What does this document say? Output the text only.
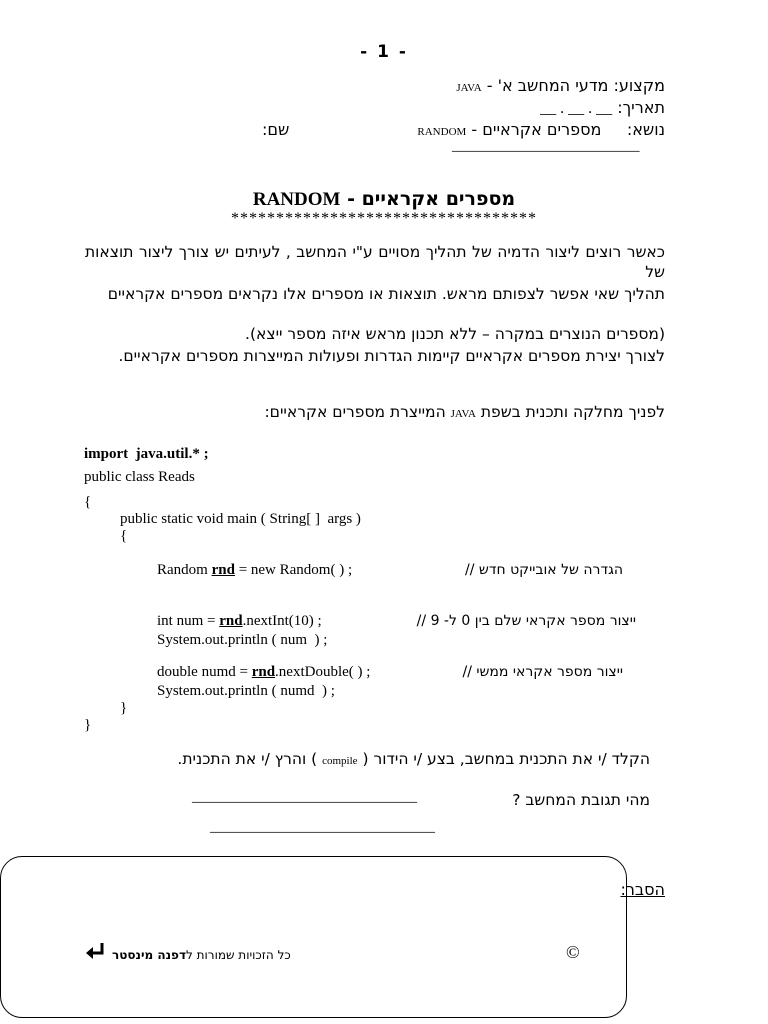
- 1 -
מקצוע: מדעי המחשב א' - JAVA
תאריך: __ . __ . __
נושא:     מספרים אקראיים - RANDOM
שם:
_________________________
מספרים אקראיים - RANDOM
**********************************
כאשר רוצים ליצור הדמיה של תהליך מסויים ע"י המחשב , לעיתים יש צורך ליצור תוצאות של
תהליך שאי אפשר לצפותם מראש. תוצאות או מספרים אלו נקראים מספרים אקראיים
(מספרים הנוצרים במקרה – ללא תכנון מראש איזה מספר ייצא).
לצורך יצירת מספרים אקראיים קיימות הגדרות ופעולות המייצרות מספרים אקראיים.
לפניך מחלקה ותכנית בשפת JAVA המייצרת מספרים אקראיים:
import  java.util.* ;
public class Reads
{
public static void main ( String[ ]  args )
{
Random rnd = new Random( ) ;	הגדרה של אובייקט חדש //
int num = rnd.nextInt(10) ;	ייצור מספר אקראי שלם בין 0 ל- 9 //
System.out.println ( num  ) ;
double numd = rnd.nextDouble( ) ;	ייצור מספר אקראי ממשי //
System.out.println ( numd  ) ;
}
}
הקלד /י את התכנית במחשב, בצע /י הידור ( compile ) והרץ /י את התכנית.
מהי תגובת המחשב ?
______________________________
______________________________
הסבר:
©
כל הזכויות שמורות לדפנה מינסטר
